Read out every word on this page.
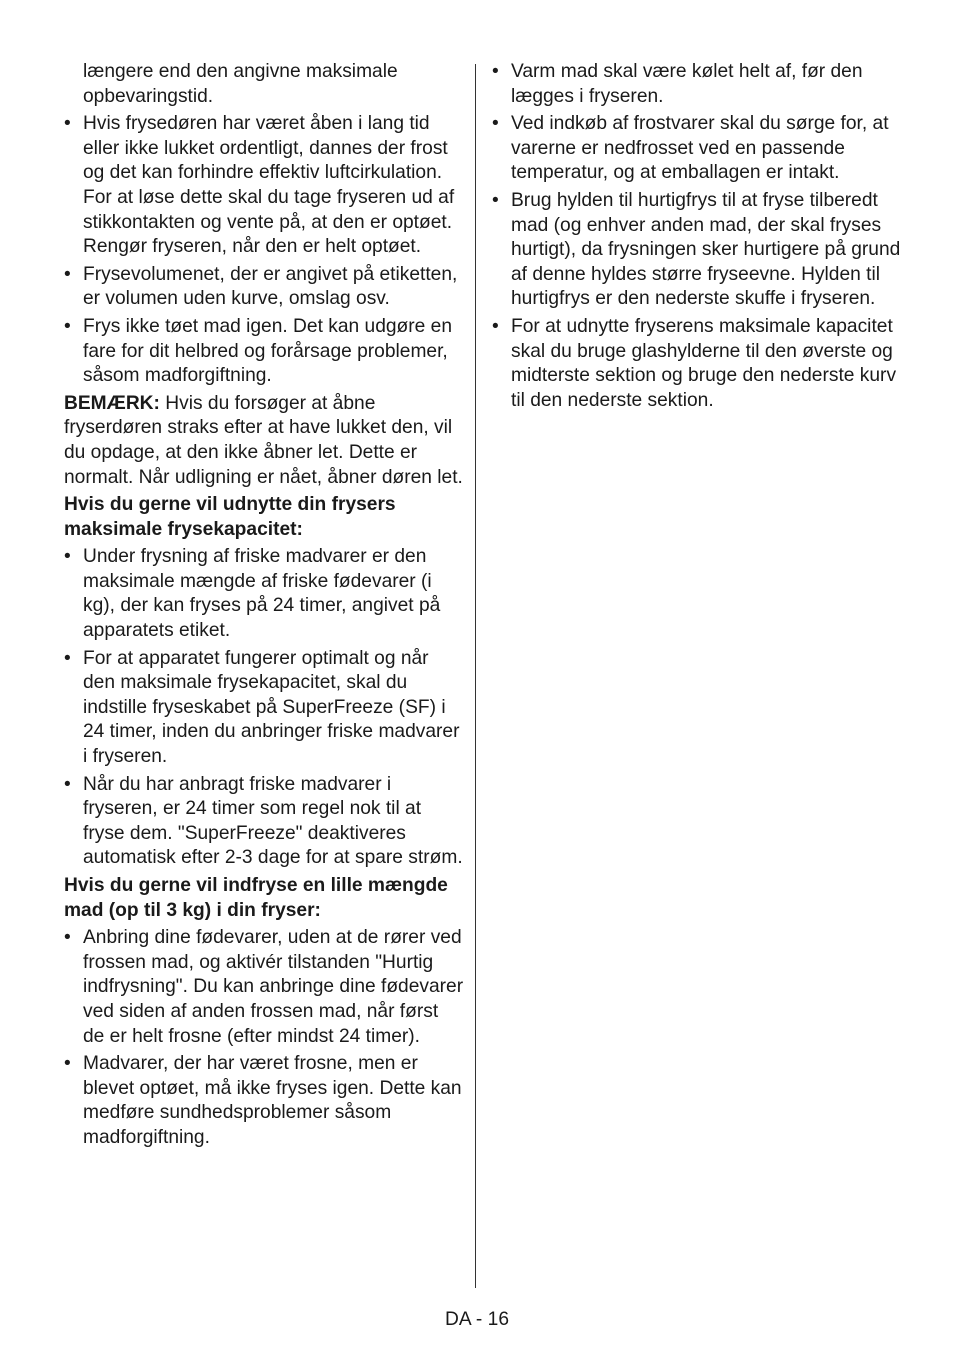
længere end den angivne maksimale opbevaringstid.

• Hvis frysedøren har været åben i lang tid eller ikke lukket ordentligt, dannes der frost og det kan forhindre effektiv luftcirkulation. For at løse dette skal du tage fryseren ud af stikkontakten og vente på, at den er optøet. Rengør fryseren, når den er helt optøet.
• Frysevolumenet, der er angivet på etiketten, er volumen uden kurve, omslag osv.
• Frys ikke tøet mad igen. Det kan udgøre en fare for dit helbred og forårsage problemer, såsom madforgiftning.

BEMÆRK: Hvis du forsøger at åbne fryserdøren straks efter at have lukket den, vil du opdage, at den ikke åbner let. Dette er normalt. Når udligning er nået, åbner døren let.

Hvis du gerne vil udnytte din frysers maksimale frysekapacitet:

• Under frysning af friske madvarer er den maksimale mængde af friske fødevarer (i kg), der kan fryses på 24 timer, angivet på apparatets etiket.
• For at apparatet fungerer optimalt og når den maksimale frysekapacitet, skal du indstille fryseskabet på SuperFreeze (SF) i 24 timer, inden du anbringer friske madvarer i fryseren.
• Når du har anbragt friske madvarer i fryseren, er 24 timer som regel nok til at fryse dem. "SuperFreeze" deaktiveres automatisk efter 2-3 dage for at spare strøm.

Hvis du gerne vil indfryse en lille mængde mad (op til 3 kg) i din fryser:

• Anbring dine fødevarer, uden at de rører ved frossen mad, og aktivér tilstanden "Hurtig indfrysning". Du kan anbringe dine fødevarer ved siden af anden frossen mad, når først de er helt frosne (efter mindst 24 timer).
• Madvarer, der har været frosne, men er blevet optøet, må ikke fryses igen. Dette kan medføre sundhedsproblemer såsom madforgiftning.
• Varm mad skal være kølet helt af, før den lægges i fryseren.
• Ved indkøb af frostvarer skal du sørge for, at varerne er nedfrosset ved en passende temperatur, og at emballagen er intakt.
• Brug hylden til hurtigfrys til at fryse tilberedt mad (og enhver anden mad, der skal fryses hurtigt), da frysningen sker hurtigere på grund af denne hyldes større fryseevne. Hylden til hurtigfrys er den nederste skuffe i fryseren.
• For at udnytte fryserens maksimale kapacitet skal du bruge glashylderne til den øverste og midterste sektion og bruge den nederste kurv til den nederste sektion.
DA - 16
